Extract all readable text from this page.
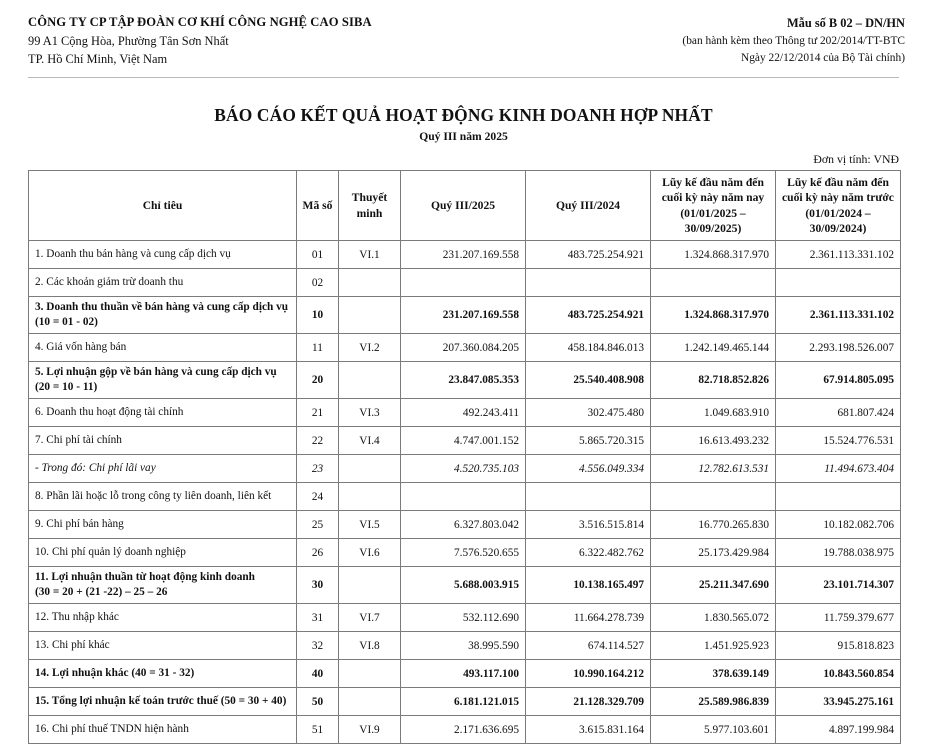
CÔNG TY CP TẬP ĐOÀN CƠ KHÍ CÔNG NGHỆ CAO SIBA
99 A1 Cộng Hòa, Phường Tân Sơn Nhất
TP. Hồ Chí Minh, Việt Nam
Mẫu số B 02 – DN/HN
(ban hành kèm theo Thông tư 202/2014/TT-BTC
Ngày 22/12/2014 của Bộ Tài chính)
BÁO CÁO KẾT QUẢ HOẠT ĐỘNG KINH DOANH HỢP NHẤT
Quý III năm 2025
Đơn vị tính: VNĐ
Chỉ tiêu	Mã số	Thuyết
minh	Quý III/2025	Quý III/2024	Lũy kế đầu năm đến
cuối kỳ này năm nay
(01/01/2025 –
30/09/2025)	Lũy kế đầu năm đến
cuối kỳ này năm trước
(01/01/2024 –
30/09/2024)
1. Doanh thu bán hàng và cung cấp dịch vụ	01	VI.1	231.207.169.558	483.725.254.921	1.324.868.317.970	2.361.113.331.102
2. Các khoản giảm trừ doanh thu	02					
3. Doanh thu thuần về bán hàng và cung cấp dịch vụ
(10 = 01 - 02)	10		231.207.169.558	483.725.254.921	1.324.868.317.970	2.361.113.331.102
4. Giá vốn hàng bán	11	VI.2	207.360.084.205	458.184.846.013	1.242.149.465.144	2.293.198.526.007
5. Lợi nhuận gộp về bán hàng và cung cấp dịch vụ
(20 = 10 - 11)	20		23.847.085.353	25.540.408.908	82.718.852.826	67.914.805.095
6. Doanh thu hoạt động tài chính	21	VI.3	492.243.411	302.475.480	1.049.683.910	681.807.424
7. Chi phí tài chính	22	VI.4	4.747.001.152	5.865.720.315	16.613.493.232	15.524.776.531
- Trong đó: Chi phí lãi vay	23		4.520.735.103	4.556.049.334	12.782.613.531	11.494.673.404
8. Phần lãi hoặc lỗ trong công ty liên doanh, liên kết	24					
9. Chi phí bán hàng	25	VI.5	6.327.803.042	3.516.515.814	16.770.265.830	10.182.082.706
10. Chi phí quản lý doanh nghiệp	26	VI.6	7.576.520.655	6.322.482.762	25.173.429.984	19.788.038.975
11. Lợi nhuận thuần từ hoạt động kinh doanh
(30 = 20 + (21 -22) – 25 – 26	30		5.688.003.915	10.138.165.497	25.211.347.690	23.101.714.307
12. Thu nhập khác	31	VI.7	532.112.690	11.664.278.739	1.830.565.072	11.759.379.677
13. Chi phí khác	32	VI.8	38.995.590	674.114.527	1.451.925.923	915.818.823
14. Lợi nhuận khác (40 = 31 - 32)	40		493.117.100	10.990.164.212	378.639.149	10.843.560.854
15. Tổng lợi nhuận kế toán trước thuế (50 = 30 + 40)	50		6.181.121.015	21.128.329.709	25.589.986.839	33.945.275.161
16. Chi phí thuế TNDN hiện hành	51	VI.9	2.171.636.695	3.615.831.164	5.977.103.601	4.897.199.984
